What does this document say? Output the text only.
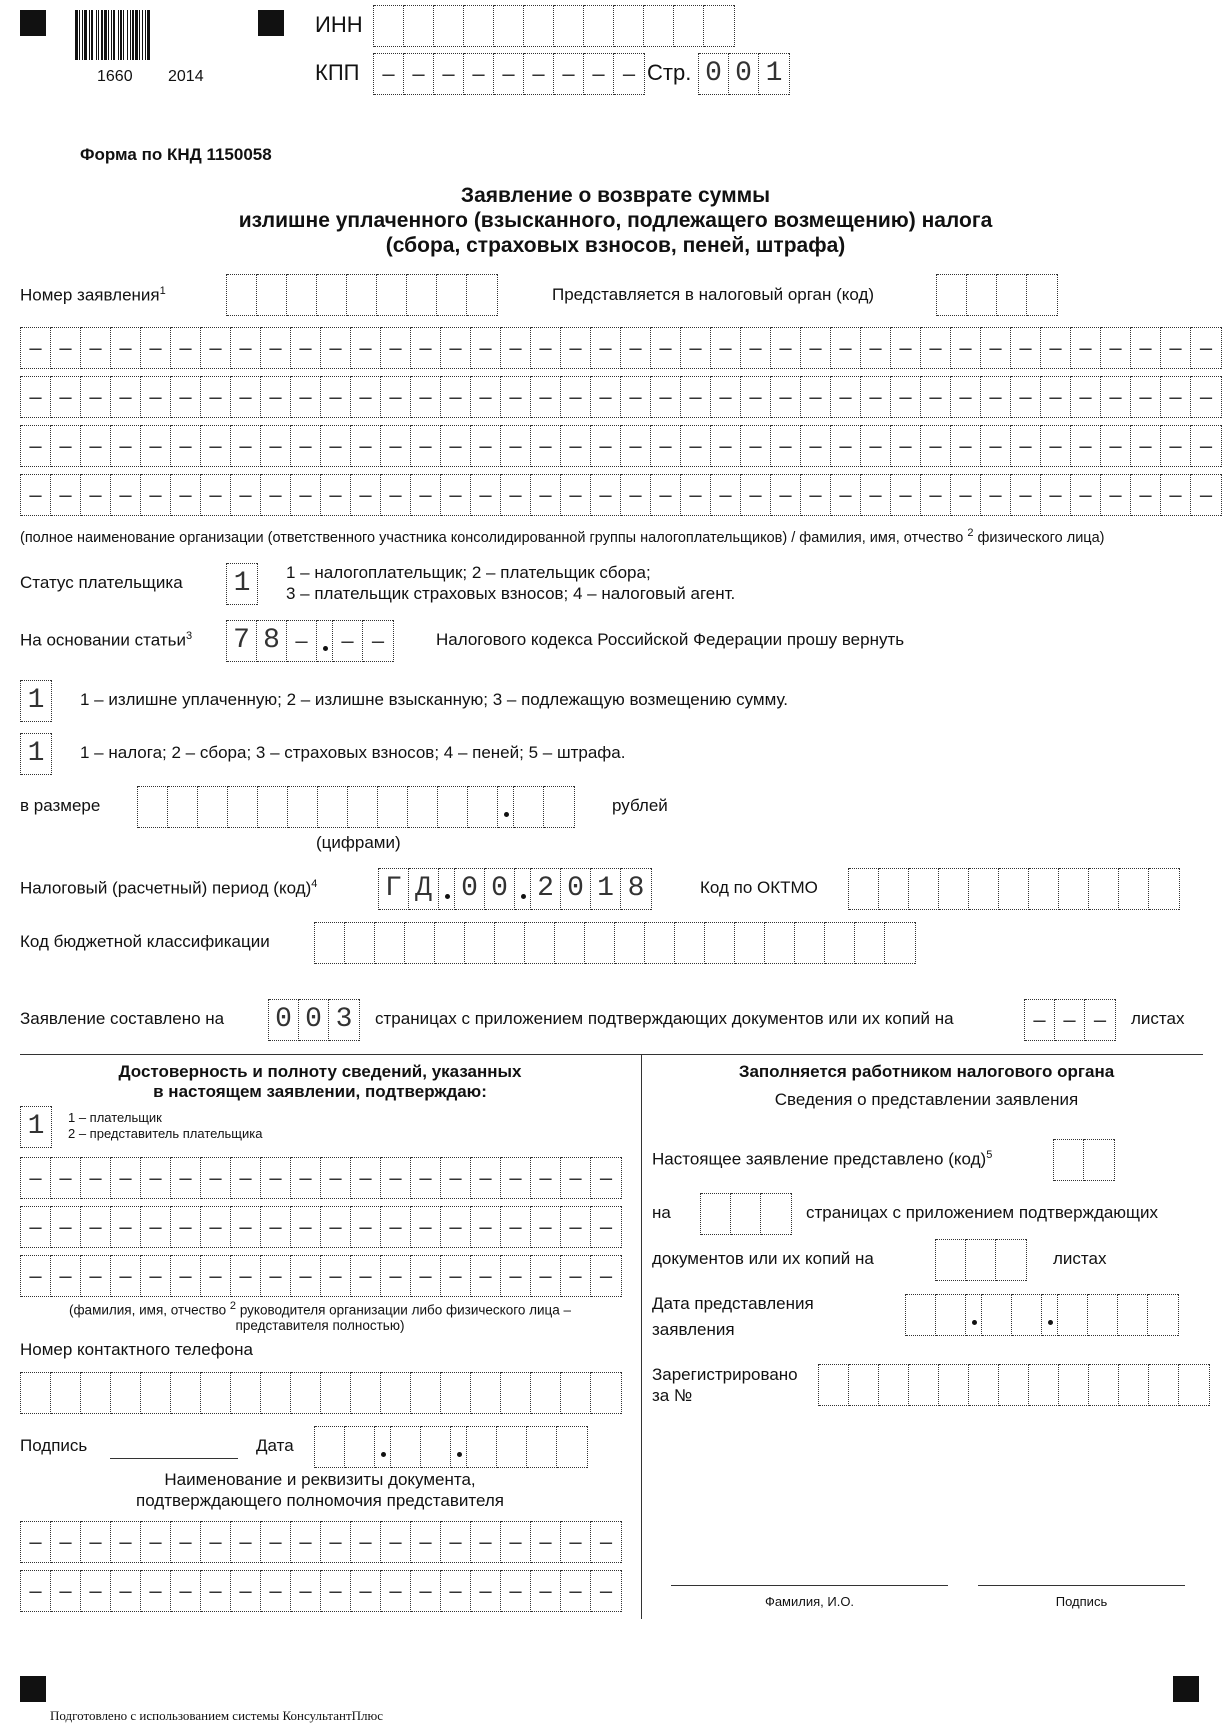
1660 2014
ИНН
КПП	– – – – – – – – – Стр. 0 0 1
Форма по КНД 1150058
Заявление о возврате суммы
излишне уплаченного (взысканного, подлежащего возмещению) налога
(сбора, страховых взносов, пеней, штрафа)
Номер заявления$^1$	Представляется в налоговый орган (код)
– – – – – – – – – – – – – – – – – – – – – – – – – – – – – – – – – – – – – – – –
– – – – – – – – – – – – – – – – – – – – – – – – – – – – – – – – – – – – – – – –
– – – – – – – – – – – – – – – – – – – – – – – – – – – – – – – – – – – – – – – –
– – – – – – – – – – – – – – – – – – – – – – – – – – – – – – – – – – – – – – – –
(полное наименование организации (ответственного участника консолидированной группы налогоплательщиков) / фамилия, имя, отчество $^2$ физического лица)
Статус плательщика 1	1 – налогоплательщик; 2 – плательщик сбора;
3 – плательщик страховых взносов; 4 – налоговый агент.
На основании статьи$^3$ 7 8 –	– –	Налогового кодекса Российской Федерации прошу вернуть
1	1 – излишне уплаченную; 2 – излишне взысканную; 3 – подлежащую возмещению сумму.
1	1 – налога; 2 – сбора; 3 – страховых взносов; 4 – пеней; 5 – штрафа.
в размере	рублей
(цифрами)
Налоговый (расчетный) период (код)$^4$ Г Д 0 0 2 0 1 8	Код по ОКТМО
Код бюджетной классификации
Заявление составлено на 0 0 3	страницах с приложением подтверждающих документов или их копий на	– – –	листах
Достоверность и полноту сведений, указанных
в настоящем заявлении, подтверждаю:
1	1 – плательщик
2 – представитель плательщика
– – – – – – – – – – – – – – – – – – – –
– – – – – – – – – – – – – – – – – – – –
– – – – – – – – – – – – – – – – – – – –
(фамилия, имя, отчество $^2$ руководителя организации либо физического лица –
представителя полностью)
Номер контактного телефона
Подпись	Дата
Наименование и реквизиты документа,
подтверждающего полномочия представителя
– – – – – – – – – – – – – – – – – – – –
– – – – – – – – – – – – – – – – – – – –
Заполняется работником налогового органа
Сведения о представлении заявления
Настоящее заявление представлено (код)$^5$
на	страницах с приложением подтверждающих
документов или их копий на	листах
Дата представления
заявления
Зарегистрировано
за №
Фамилия, И.О.	Подпись
Подготовлено с использованием системы КонсультантПлюс
